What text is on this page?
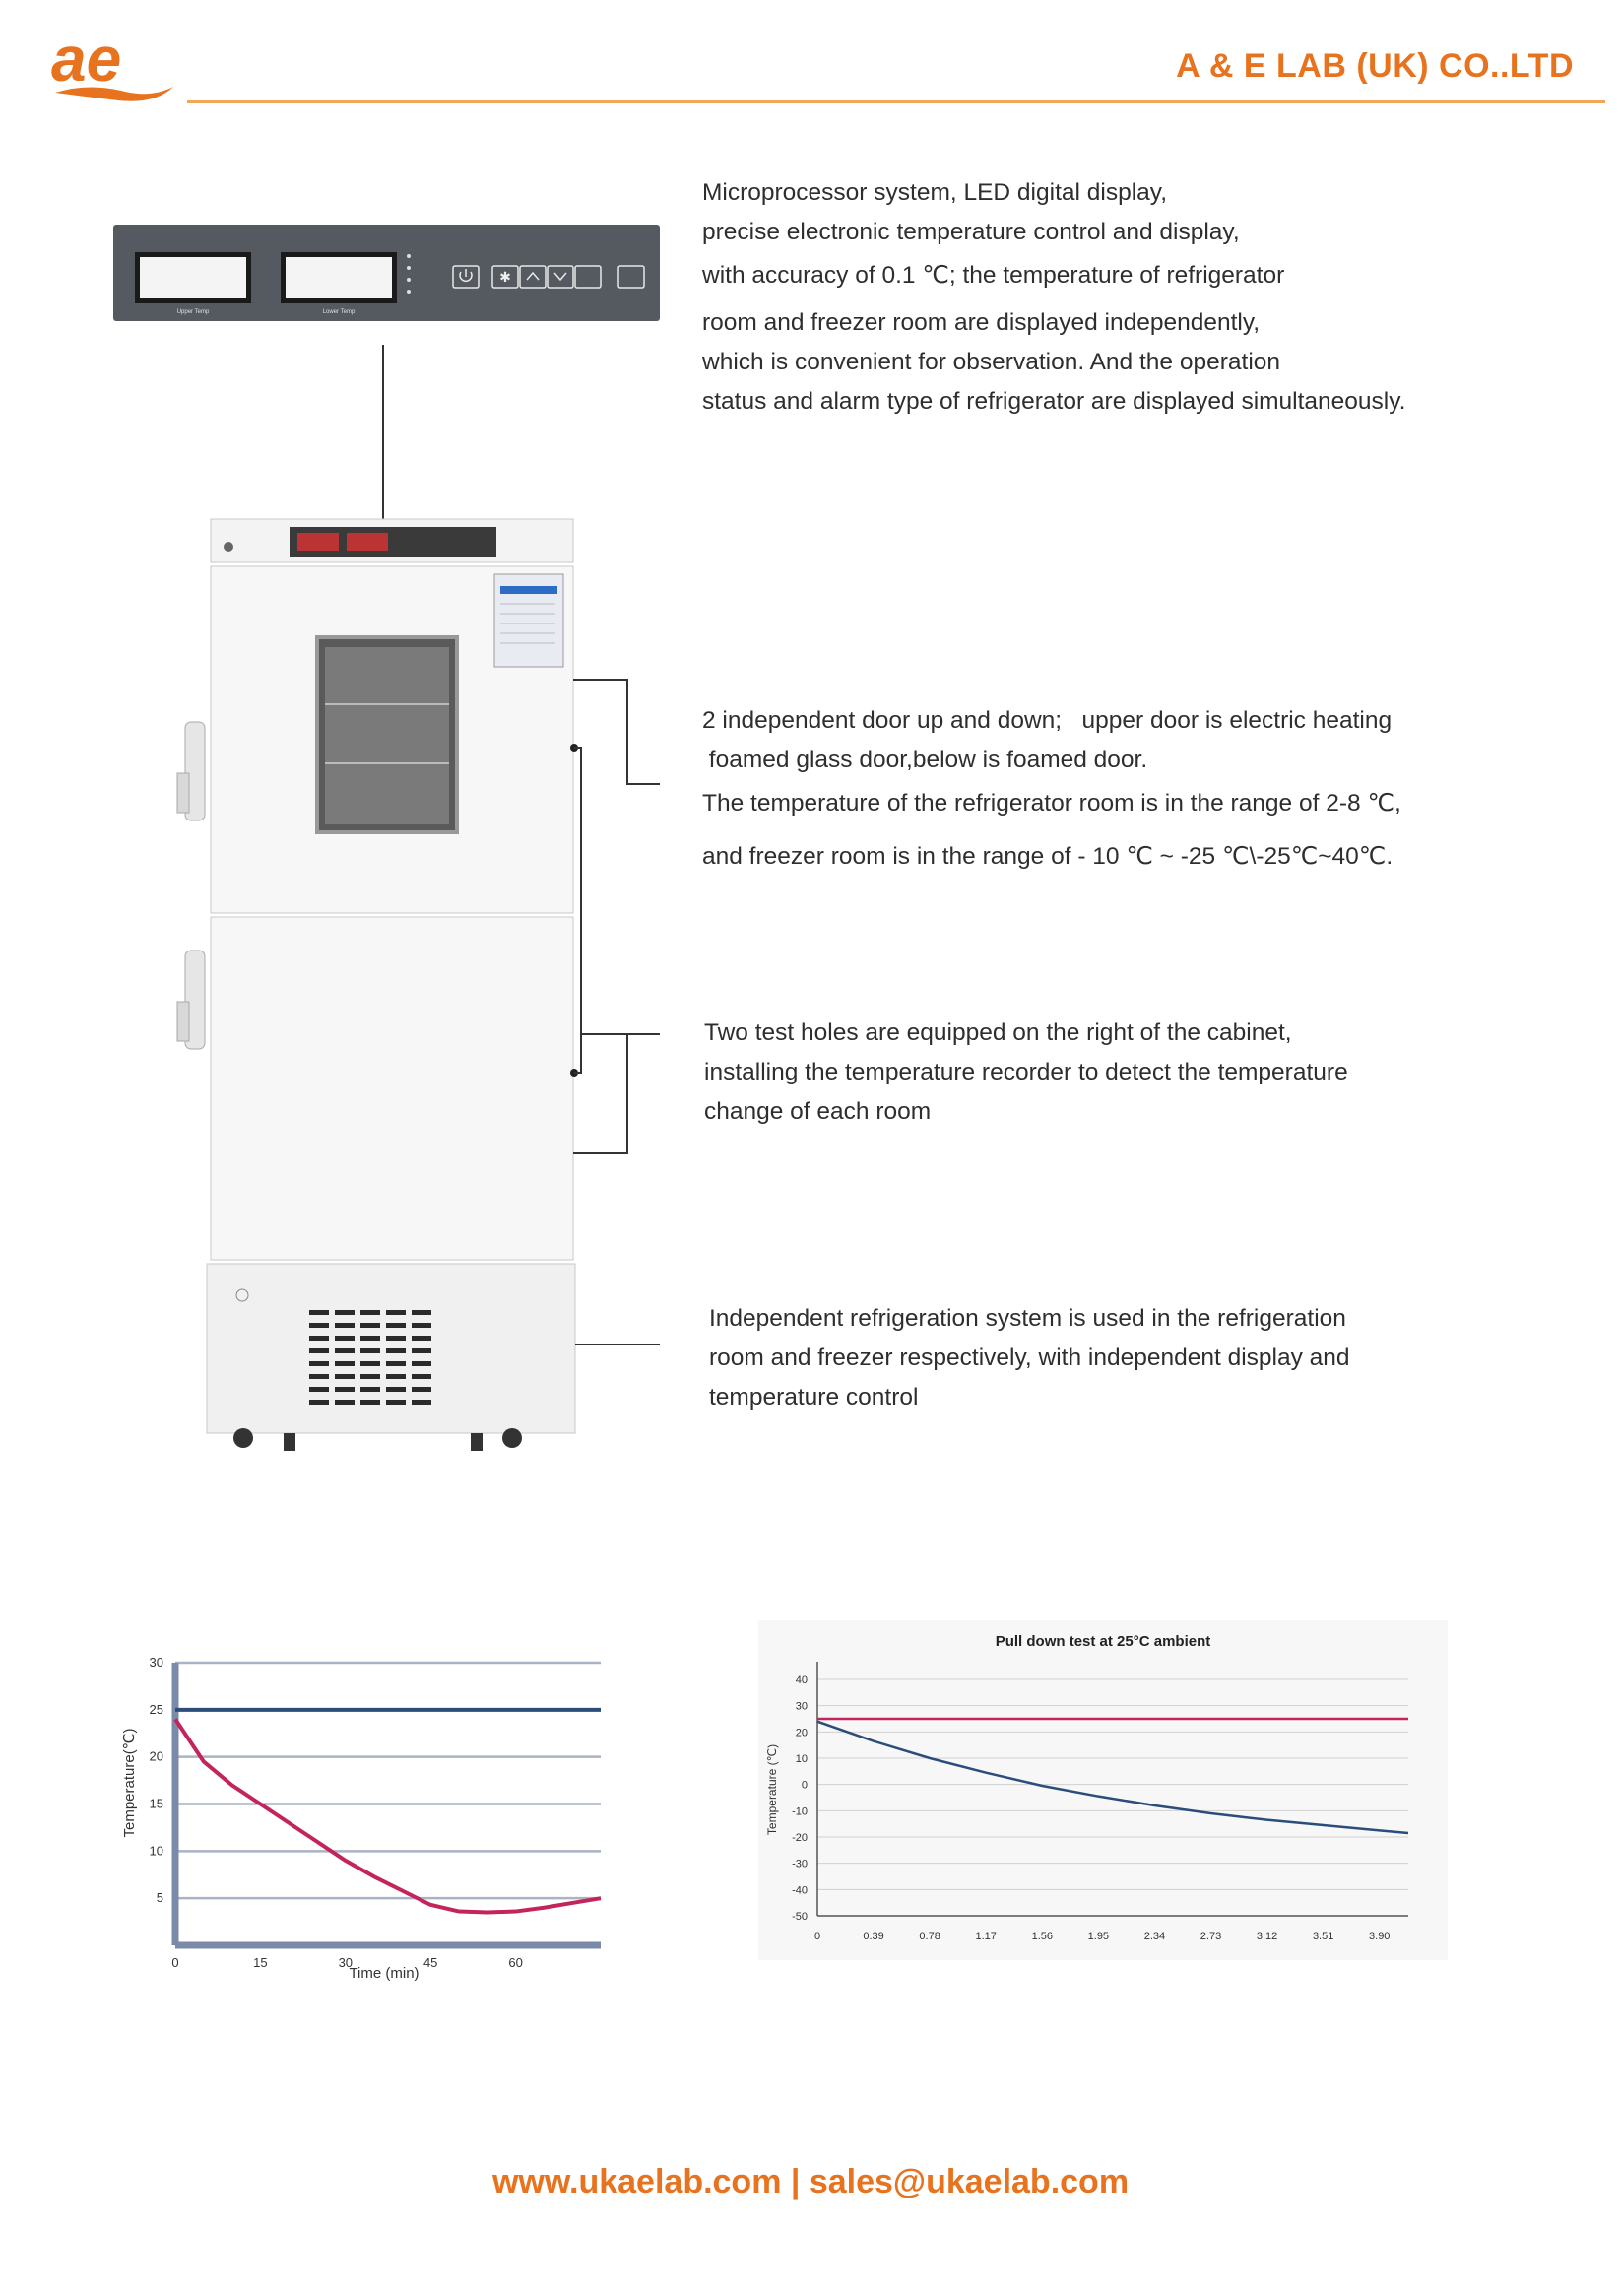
ae	A & E LAB (UK) CO..LTD
Upper Temp	Lower Temp
✱

Microprocessor system, LED digital display,

precise electronic temperature control and display,

with accuracy of 0.1 ℃; the temperature of refrigerator

room and freezer room are displayed independently,

which is convenient for observation. And the operation

status and alarm type of refrigerator are displayed simultaneously.

2 independent door up and down;   upper door is electric heating

foamed glass door,below is foamed door.

The temperature of the refrigerator room is in the range of 2-8 ℃,

and freezer room is in the range of - 10 ℃ ~ -25 ℃\-25℃~40℃.

Two test holes are equipped on the right of the cabinet,

installing the temperature recorder to detect the temperature

change of each room

Independent refrigeration system is used in the refrigeration

room and freezer respectively, with independent display and

temperature control

Temperature(℃)
Time (min)
5
10
15
20
25
30
0	15	30	45	60
Pull down test at 25°C ambient
Temperature (℃)
40
30
20
10
0
-10
-20
-30
-40
-50
0	0.39	0.78	1.17	1.56	1.95	2.34	2.73	3.12	3.51	3.90
www.ukaelab.com | sales@ukaelab.com
